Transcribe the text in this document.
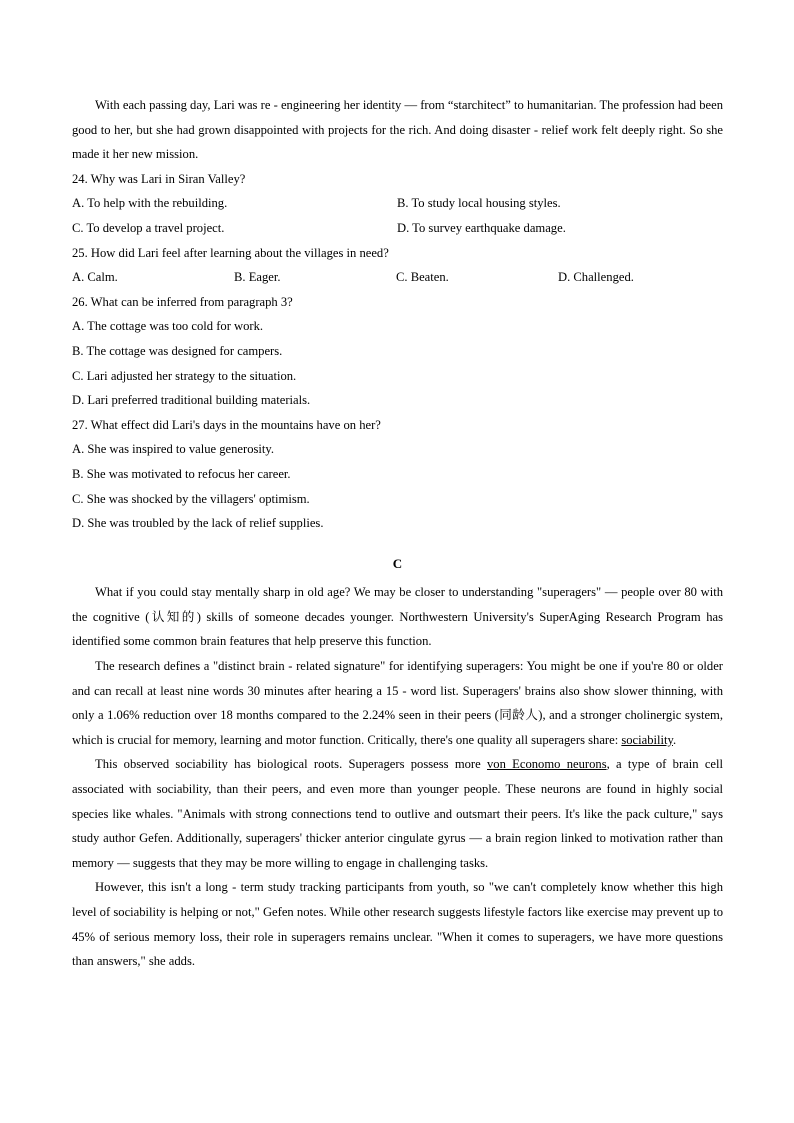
With each passing day, Lari was re - engineering her identity — from “starchitect” to humanitarian. The profession had been good to her, but she had grown disappointed with projects for the rich. And doing disaster - relief work felt deeply right. So she made it her new mission.

24. Why was Lari in Siran Valley?

A. To help with the rebuilding.	B. To study local housing styles.

C. To develop a travel project.	D. To survey earthquake damage.

25. How did Lari feel after learning about the villages in need?

A. Calm.	B. Eager.	C. Beaten.	D. Challenged.

26. What can be inferred from paragraph 3?

A. The cottage was too cold for work.

B. The cottage was designed for campers.

C. Lari adjusted her strategy to the situation.

D. Lari preferred traditional building materials.

27. What effect did Lari's days in the mountains have on her?

A. She was inspired to value generosity.

B. She was motivated to refocus her career.

C. She was shocked by the villagers' optimism.

D. She was troubled by the lack of relief supplies.

C

What if you could stay mentally sharp in old age? We may be closer to understanding "superagers" — people over 80 with the cognitive (认知的) skills of someone decades younger. Northwestern University's SuperAging Research Program has identified some common brain features that help preserve this function.

The research defines a "distinct brain - related signature" for identifying superagers: You might be one if you're 80 or older and can recall at least nine words 30 minutes after hearing a 15 - word list. Superagers' brains also show slower thinning, with only a 1.06% reduction over 18 months compared to the 2.24% seen in their peers (同龄人), and a stronger cholinergic system, which is crucial for memory, learning and motor function. Critically, there's one quality all superagers share: sociability.

This observed sociability has biological roots. Superagers possess more von Economo neurons, a type of brain cell associated with sociability, than their peers, and even more than younger people. These neurons are found in highly social species like whales. "Animals with strong connections tend to outlive and outsmart their peers. It's like the pack culture," says study author Gefen. Additionally, superagers' thicker anterior cingulate gyrus — a brain region linked to motivation rather than memory — suggests that they may be more willing to engage in challenging tasks.

However, this isn't a long - term study tracking participants from youth, so "we can't completely know whether this high level of sociability is helping or not," Gefen notes. While other research suggests lifestyle factors like exercise may prevent up to 45% of serious memory loss, their role in superagers remains unclear. "When it comes to superagers, we have more questions than answers," she adds.
